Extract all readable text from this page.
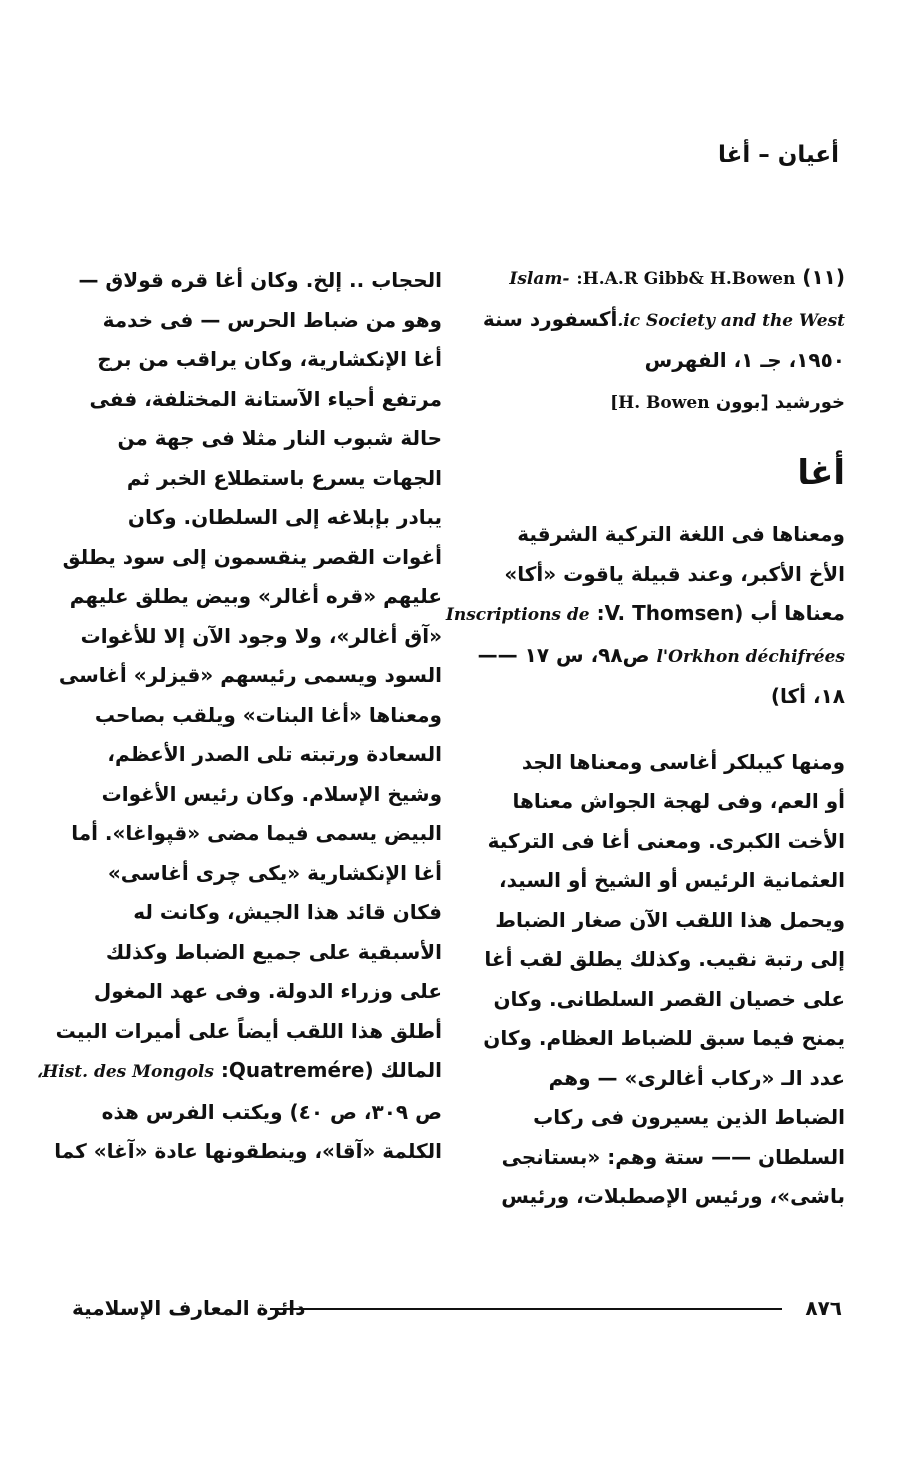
أعيان – أغا
(١١) H.A.R Gibb& H.Bowen: -Islam
ic Society and the West.أكسفورد سنة
١٩٥٠، جـ ١، الفهرس
خورشيد [بوون H. Bowen]
أغا
ومعناها فى اللغة التركية الشرقية
الأخ الأكبر، وعند قبيلة ياقوت «أكا»
معناها أب (V. Thomsen: Inscriptions de
l'Orkhon déchifrées ص٩٨، س ١٧ ——
١٨، أكا)
ومنها كيبلكر أغاسى ومعناها الجد
أو العم، وفى لهجة الجواش معناها
الأخت الكبرى. ومعنى أغا فى التركية
العثمانية الرئيس أو الشيخ أو السيد،
ويحمل هذا اللقب الآن صغار الضباط
إلى رتبة نقيب. وكذلك يطلق لقب أغا
على خصيان القصر السلطانى. وكان
يمنح فيما سبق للضباط العظام. وكان
عدد الـ «ركاب أغالرى» — وهم
الضباط الذين يسيرون فى ركاب
السلطان —— ستة وهم: «بستانجى
باشى»، ورئيس الإصطبلات، ورئيس
الحجاب .. إلخ. وكان أغا قره قولاق —
وهو من ضباط الحرس — فى خدمة
أغا الإنكشارية، وكان يراقب من برج
مرتفع أحياء الآستانة المختلفة، ففى
حالة شبوب النار مثلا فى جهة من
الجهات يسرع باستطلاع الخبر ثم
يبادر بإبلاغه إلى السلطان. وكان
أغوات القصر ينقسمون إلى سود يطلق
عليهم «قره أغالر» وبيض يطلق عليهم
«آق أغالر»، ولا وجود الآن إلا للأغوات
السود ويسمى رئيسهم «قيزلر» أغاسى
ومعناها «أغا البنات» ويلقب بصاحب
السعادة ورتبته تلى الصدر الأعظم،
وشيخ الإسلام. وكان رئيس الأغوات
البيض يسمى فيما مضى «قپواغا». أما
أغا الإنكشارية «يكى چرى أغاسى»
فكان قائد هذا الجيش، وكانت له
الأسبقية على جميع الضباط وكذلك
على وزراء الدولة. وفى عهد المغول
أطلق هذا اللقب أيضاً على أميرات البيت
المالك (Quatremére: Hist. des Mongols،
ص ٣٠٩، ص ٤٠) ويكتب الفرس هذه
الكلمة «آقا»، وينطقونها عادة «آغا» كما
٨٧٦
دائرة المعارف الإسلامية
